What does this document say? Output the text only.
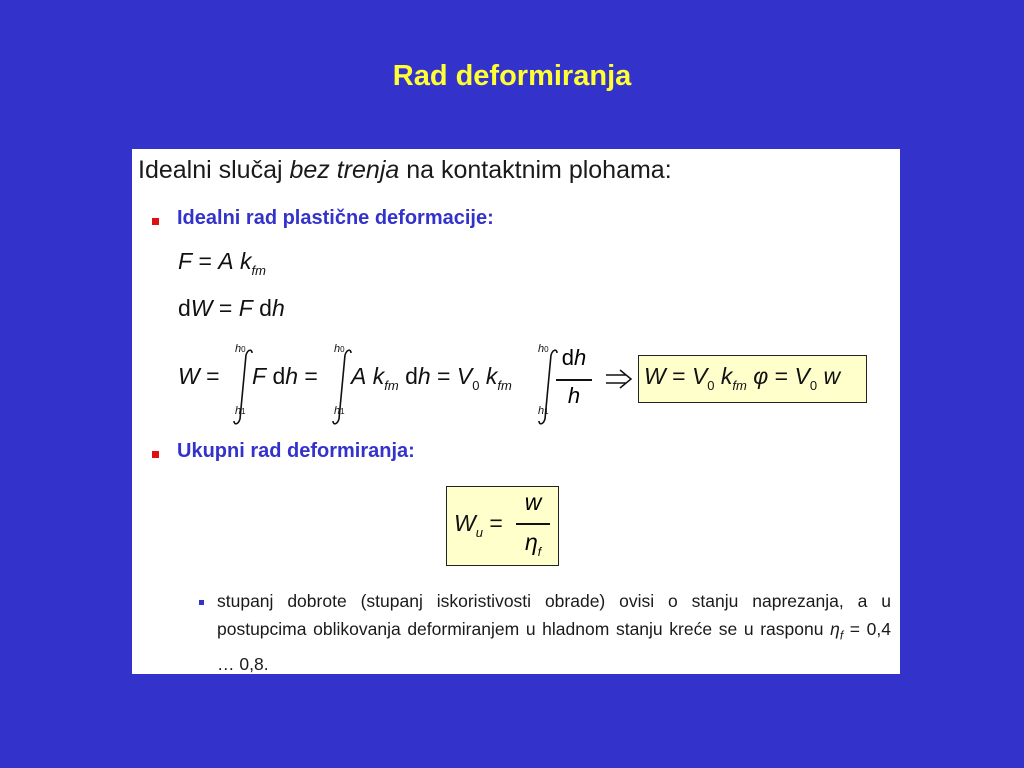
Rad deformiranja
Idealni slučaj bez trenja na kontaktnim plohama:
Idealni rad plastične deformacije:
F = A $k_{fm}$
dW = F dh
W =
h0
h1
F dh =
h0
h1
A $k_{fm}$ dh = $V_0$ $k_{fm}$
h0
h1
dh
h
$W = V_0$ $k_{fm}$ $\varphi = V_0$ w
Ukupni rad deformiranja:
$W_u$ =
w
$\eta_f$
stupanj dobrote (stupanj iskoristivosti obrade) ovisi o stanju naprezanja, a u postupcima oblikovanja deformiranjem u hladnom stanju kreće se u rasponu $\eta_f = 0,4$ … 0,8.
